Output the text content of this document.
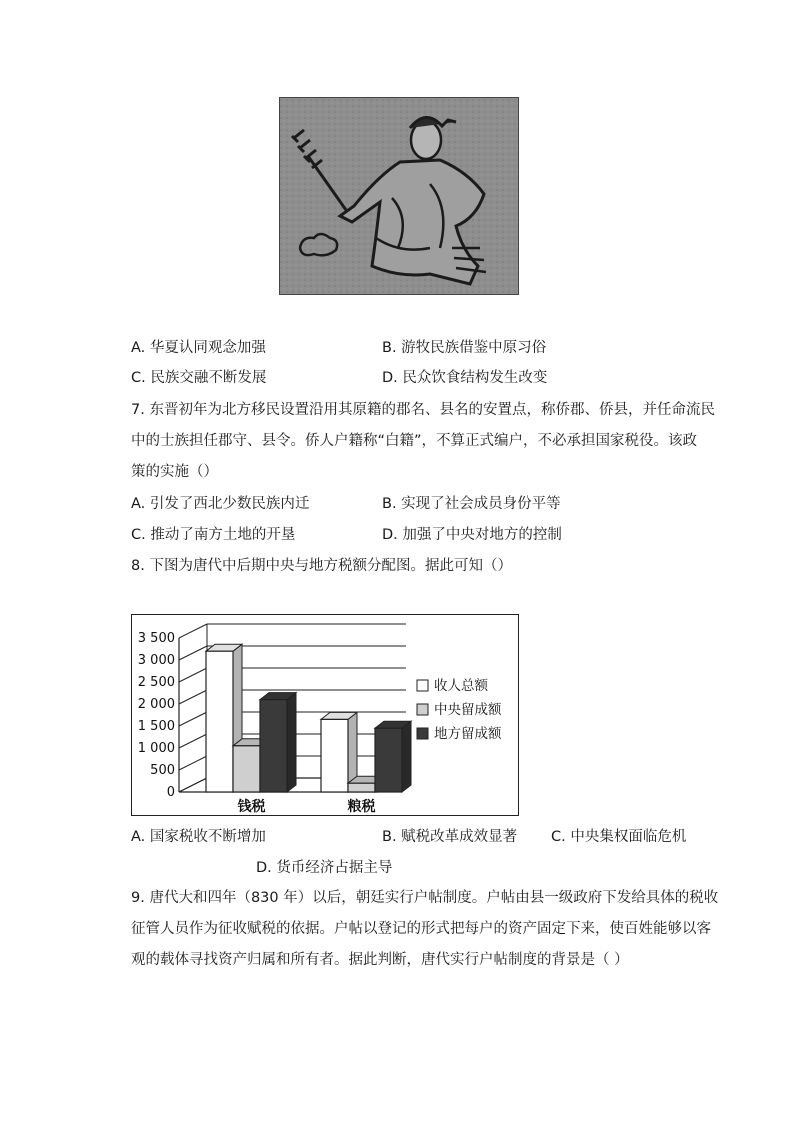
A. 华夏认同观念加强	B. 游牧民族借鉴中原习俗
C. 民族交融不断发展	D. 民众饮食结构发生改变
7. 东晋初年为北方移民设置沿用其原籍的郡名、县名的安置点，称侨郡、侨县，并任命流民
中的士族担任郡守、县令。侨人户籍称“白籍”，不算正式编户，不必承担国家税役。该政
策的实施（）
A. 引发了西北少数民族内迁	B. 实现了社会成员身份平等
C. 推动了南方土地的开垦	D. 加强了中央对地方的控制
8. 下图为唐代中后期中央与地方税额分配图。据此可知（）
0
500
1 000
1 500
2 000
2 500
3 000
3 500
钱税	粮税
收人总额
中央留成额
地方留成额
A. 国家税收不断增加	B. 赋税改革成效显著 C. 中央集权面临危机
D. 货币经济占据主导
9. 唐代大和四年（830 年）以后，朝廷实行户帖制度。户帖由县一级政府下发给具体的税收
征管人员作为征收赋税的依据。户帖以登记的形式把每户的资产固定下来，使百姓能够以客
观的载体寻找资产归属和所有者。据此判断，唐代实行户帖制度的背景是（ ）
